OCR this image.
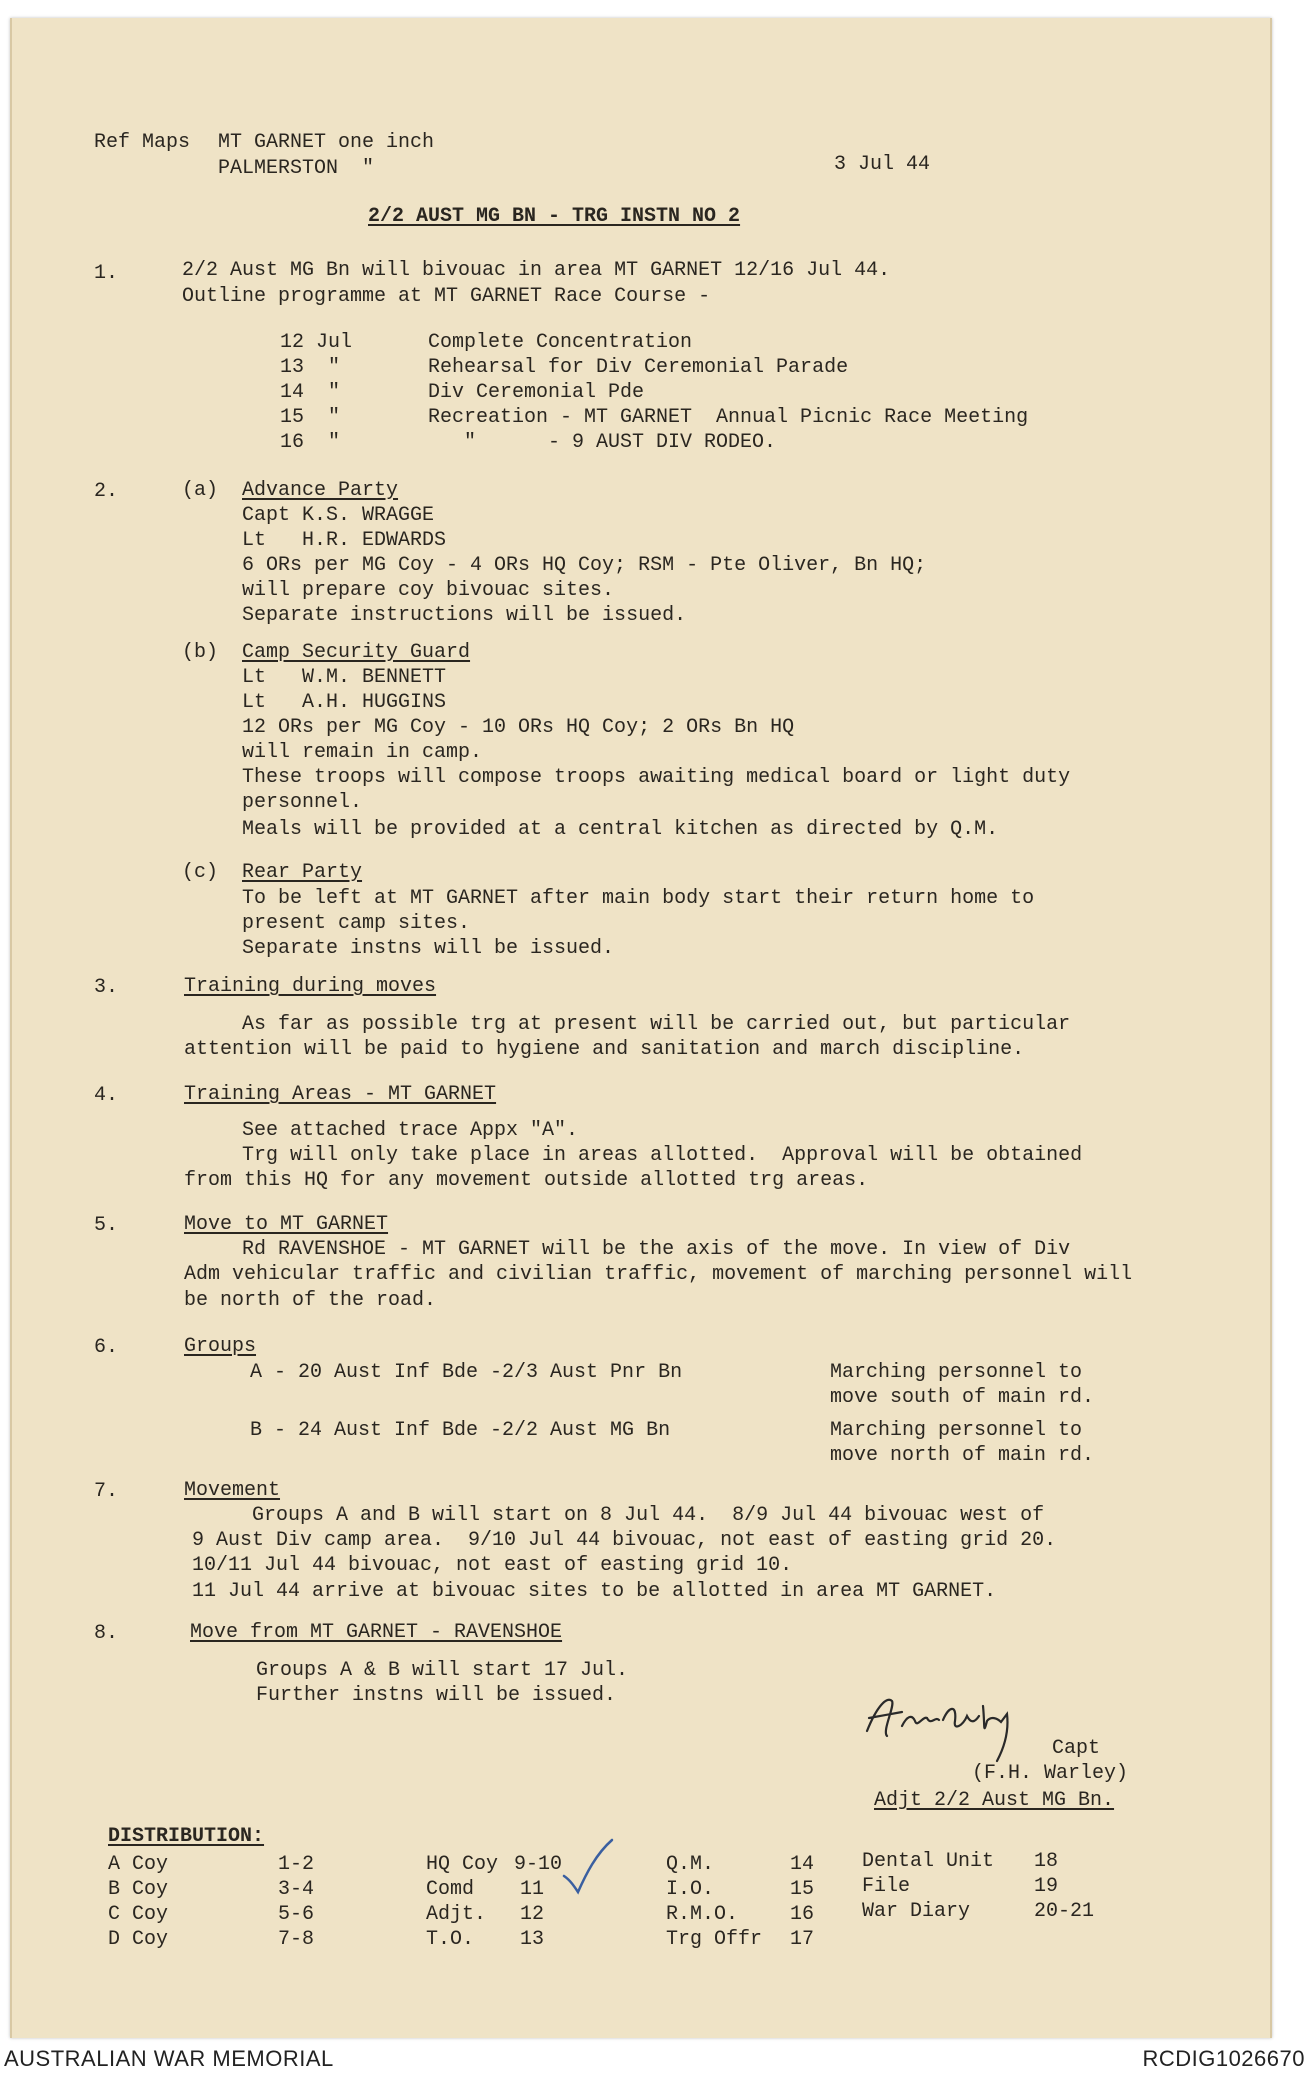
Ref Maps MT GARNET one inch
PALMERSTON  "	3 Jul 44
2/2 AUST MG BN - TRG INSTN NO 2
1.	2/2 Aust MG Bn will bivouac in area MT GARNET 12/16 Jul 44.
Outline programme at MT GARNET Race Course -
12 Jul	Complete Concentration
13  "	Rehearsal for Div Ceremonial Parade
14  "	Div Ceremonial Pde
15  "	Recreation - MT GARNET  Annual Picnic Race Meeting
16  "	"      - 9 AUST DIV RODEO.
2.	(a) Advance Party
Capt K.S. WRAGGE
Lt   H.R. EDWARDS
6 ORs per MG Coy - 4 ORs HQ Coy; RSM - Pte Oliver, Bn HQ;
will prepare coy bivouac sites.
Separate instructions will be issued.
(b) Camp Security Guard
Lt   W.M. BENNETT
Lt   A.H. HUGGINS
12 ORs per MG Coy - 10 ORs HQ Coy; 2 ORs Bn HQ
will remain in camp.
These troops will compose troops awaiting medical board or light duty
personnel.
Meals will be provided at a central kitchen as directed by Q.M.
(c) Rear Party
To be left at MT GARNET after main body start their return home to
present camp sites.
Separate instns will be issued.
3.	Training during moves
As far as possible trg at present will be carried out, but particular
attention will be paid to hygiene and sanitation and march discipline.
4.	Training Areas - MT GARNET
See attached trace Appx "A".
Trg will only take place in areas allotted.  Approval will be obtained
from this HQ for any movement outside allotted trg areas.
5.	Move to MT GARNET
Rd RAVENSHOE - MT GARNET will be the axis of the move. In view of Div
Adm vehicular traffic and civilian traffic, movement of marching personnel will
be north of the road.
6.	Groups
A - 20 Aust Inf Bde -2/3 Aust Pnr Bn	Marching personnel to
move south of main rd.
B - 24 Aust Inf Bde -2/2 Aust MG Bn	Marching personnel to
move north of main rd.
7.	Movement
Groups A and B will start on 8 Jul 44.  8/9 Jul 44 bivouac west of
9 Aust Div camp area.  9/10 Jul 44 bivouac, not east of easting grid 20.
10/11 Jul 44 bivouac, not east of easting grid 10.
11 Jul 44 arrive at bivouac sites to be allotted in area MT GARNET.
8.	Move from MT GARNET - RAVENSHOE
Groups A & B will start 17 Jul.
Further instns will be issued.
Capt
(F.H. Warley)
Adjt 2/2 Aust MG Bn.
DISTRIBUTION:
A Coy	1-2
B Coy	3-4
C Coy	5-6
D Coy	7-8
HQ Coy 9-10
Comd 11
Adjt. 12
T.O. 13
Q.M.	14
I.O.	15
R.M.O.	16
Trg Offr 17
Dental Unit 18
File	19
War Diary	20-21
AUSTRALIAN WAR MEMORIAL	RCDIG1026670
